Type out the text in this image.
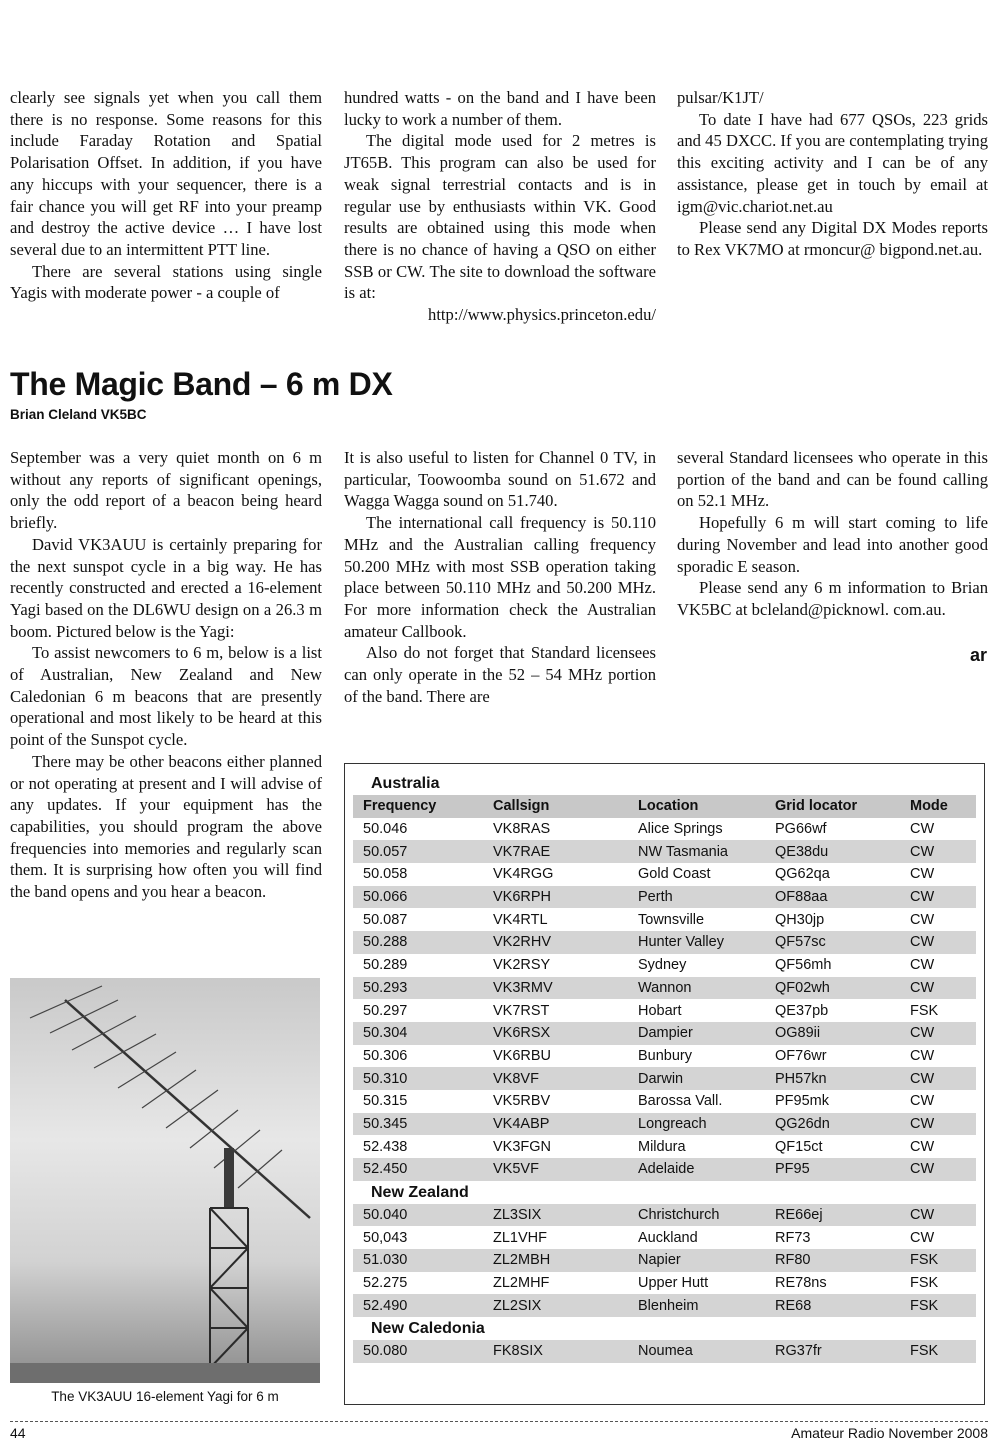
clearly see signals yet when you call them there is no response. Some reasons for this include Faraday Rotation and Spatial Polarisation Offset. In addition, if you have any hiccups with your sequencer, there is a fair chance you will get RF into your preamp and destroy the active device … I have lost several due to an intermittent PTT line.

There are several stations using single Yagis with moderate power - a couple of

hundred watts - on the band and I have been lucky to work a number of them.

The digital mode used for 2 metres is JT65B. This program can also be used for weak signal terrestrial contacts and is in regular use by enthusiasts within VK. Good results are obtained using this mode when there is no chance of having a QSO on either SSB or CW. The site to download the software is at:

http://www.physics.princeton.edu/

pulsar/K1JT/

To date I have had 677 QSOs, 223 grids and 45 DXCC. If you are contemplating trying this exciting activity and I can be of any assistance, please get in touch by email at igm@vic.chariot.net.au

Please send any Digital DX Modes reports to Rex VK7MO at rmoncur@ bigpond.net.au.

The Magic Band – 6 m DX
Brian Cleland VK5BC

September was a very quiet month on 6 m without any reports of significant openings, only the odd report of a beacon being heard briefly.

David VK3AUU is certainly preparing for the next sunspot cycle in a big way. He has recently constructed and erected a 16-element Yagi based on the DL6WU design on a 26.3 m boom. Pictured below is the Yagi:

To assist newcomers to 6 m, below is a list of Australian, New Zealand and New Caledonian 6 m beacons that are presently operational and most likely to be heard at this point of the Sunspot cycle.

There may be other beacons either planned or not operating at present and I will advise of any updates. If your equipment has the capabilities, you should program the above frequencies into memories and regularly scan them. It is surprising how often you will find the band opens and you hear a beacon.

It is also useful to listen for Channel 0 TV, in particular, Toowoomba sound on 51.672 and Wagga Wagga sound on 51.740.

The international call frequency is 50.110 MHz and the Australian calling frequency 50.200 MHz with most SSB operation taking place between 50.110 MHz and 50.200 MHz. For more information check the Australian amateur Callbook.

Also do not forget that Standard licensees can only operate in the 52 – 54 MHz portion of the band. There are

several Standard licensees who operate in this portion of the band and can be found calling on 52.1 MHz.

Hopefully 6 m will start coming to life during November and lead into another good sporadic E season.

Please send any 6 m information to Brian VK5BC at bcleland@picknowl. com.au.

ar
The VK3AUU 16-element Yagi for 6 m
Australia
Frequency	Callsign	Location	Grid locator	Mode
50.046	VK8RAS	Alice Springs	PG66wf	CW
50.057	VK7RAE	NW Tasmania	QE38du	CW
50.058	VK4RGG	Gold Coast	QG62qa	CW
50.066	VK6RPH	Perth	OF88aa	CW
50.087	VK4RTL	Townsville	QH30jp	CW
50.288	VK2RHV	Hunter Valley	QF57sc	CW
50.289	VK2RSY	Sydney	QF56mh	CW
50.293	VK3RMV	Wannon	QF02wh	CW
50.297	VK7RST	Hobart	QE37pb	FSK
50.304	VK6RSX	Dampier	OG89ii	CW
50.306	VK6RBU	Bunbury	OF76wr	CW
50.310	VK8VF	Darwin	PH57kn	CW
50.315	VK5RBV	Barossa Vall.	PF95mk	CW
50.345	VK4ABP	Longreach	QG26dn	CW
52.438	VK3FGN	Mildura	QF15ct	CW
52.450	VK5VF	Adelaide	PF95	CW
New Zealand
50.040	ZL3SIX	Christchurch	RE66ej	CW
50,043	ZL1VHF	Auckland	RF73	CW
51.030	ZL2MBH	Napier	RF80	FSK
52.275	ZL2MHF	Upper Hutt	RE78ns	FSK
52.490	ZL2SIX	Blenheim	RE68	FSK
New Caledonia
50.080	FK8SIX	Noumea	RG37fr	FSK
44	Amateur Radio November 2008
